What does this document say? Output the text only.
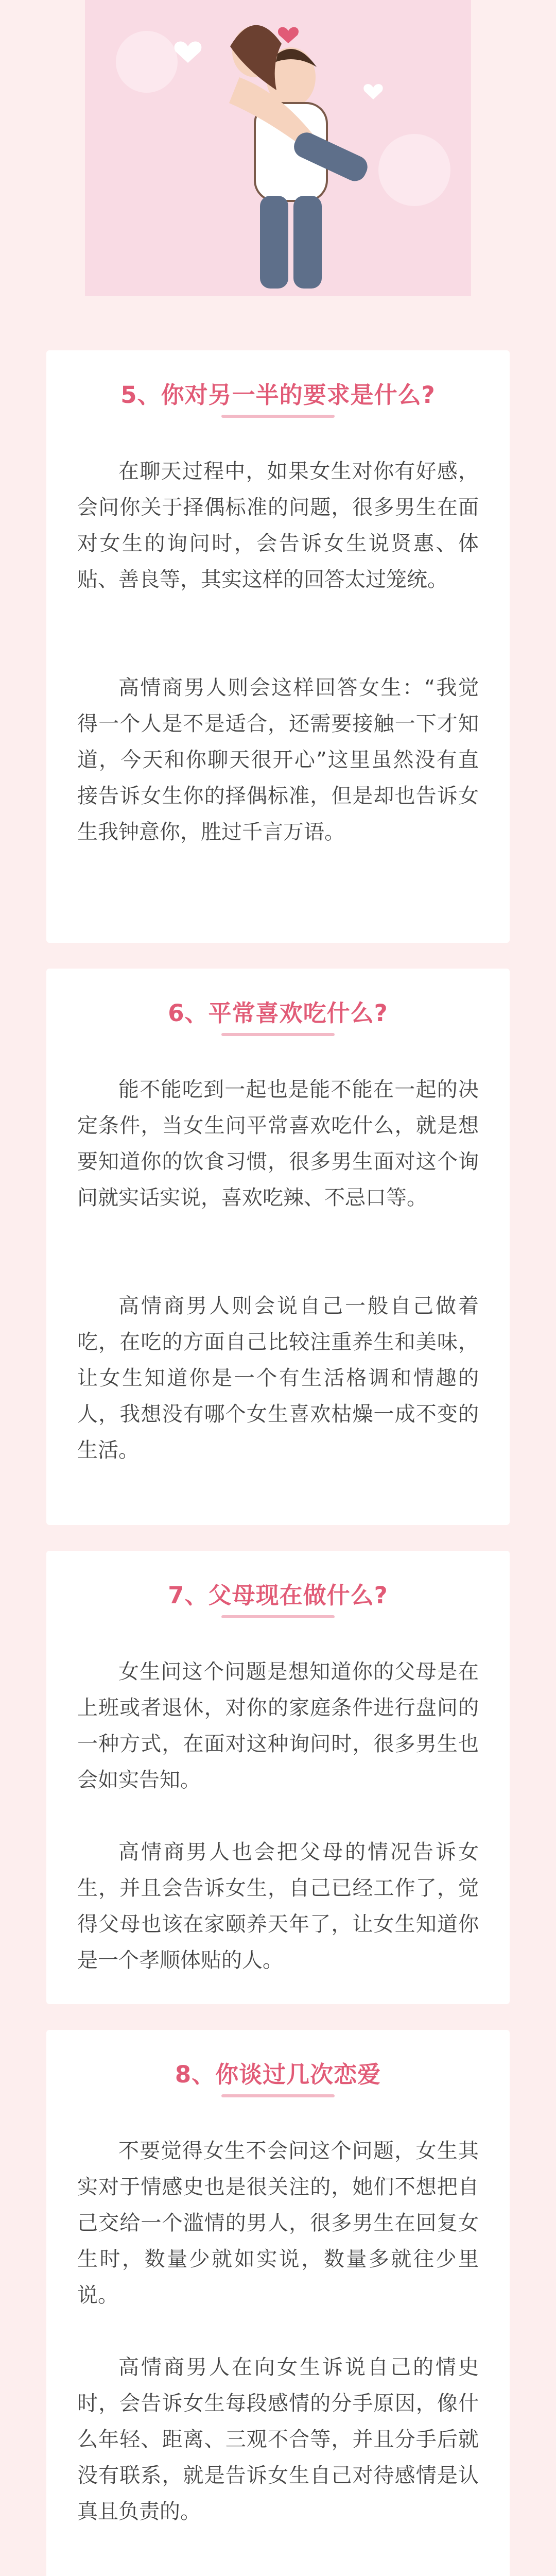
5、你对另一半的要求是什么?

在聊天过程中，如果女生对你有好感，会问你关于择偶标准的问题，很多男生在面对女生的询问时，会告诉女生说贤惠、体贴、善良等，其实这样的回答太过笼统。

高情商男人则会这样回答女生：“我觉得一个人是不是适合，还需要接触一下才知道，今天和你聊天很开心”这里虽然没有直接告诉女生你的择偶标准，但是却也告诉女生我钟意你，胜过千言万语。

6、平常喜欢吃什么?

能不能吃到一起也是能不能在一起的决定条件，当女生问平常喜欢吃什么，就是想要知道你的饮食习惯，很多男生面对这个询问就实话实说，喜欢吃辣、不忌口等。

高情商男人则会说自己一般自己做着吃，在吃的方面自己比较注重养生和美味，让女生知道你是一个有生活格调和情趣的人，我想没有哪个女生喜欢枯燥一成不变的生活。

7、父母现在做什么?

女生问这个问题是想知道你的父母是在上班或者退休，对你的家庭条件进行盘问的一种方式，在面对这种询问时，很多男生也会如实告知。

高情商男人也会把父母的情况告诉女生，并且会告诉女生，自己已经工作了，觉得父母也该在家颐养天年了，让女生知道你是一个孝顺体贴的人。

8、你谈过几次恋爱

不要觉得女生不会问这个问题，女生其实对于情感史也是很关注的，她们不想把自己交给一个滥情的男人，很多男生在回复女生时，数量少就如实说，数量多就往少里说。

高情商男人在向女生诉说自己的情史时，会告诉女生每段感情的分手原因，像什么年轻、距离、三观不合等，并且分手后就没有联系，就是告诉女生自己对待感情是认真且负责的。
